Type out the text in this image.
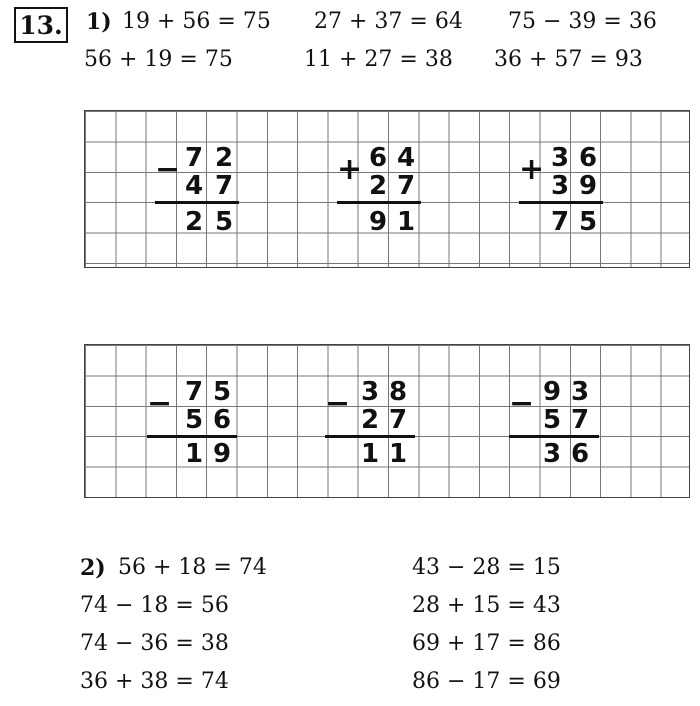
13. 1) 19 + 56 = 75 27 + 37 = 64 75 − 39 = 36
56 + 19 = 75	11 + 27 = 38 36 + 57 = 93
− 7 2
4 7
2 5
+ 6 4
2 7
9 1
+ 3 6
3 9
7 5
− 7 5
5 6
1 9
− 3 8
2 7
1 1
− 9 3
5 7
3 6
2) 56 + 18 = 74
74 − 18 = 56
74 − 36 = 38
36 + 38 = 74
43 − 28 = 15
28 + 15 = 43
69 + 17 = 86
86 − 17 = 69
